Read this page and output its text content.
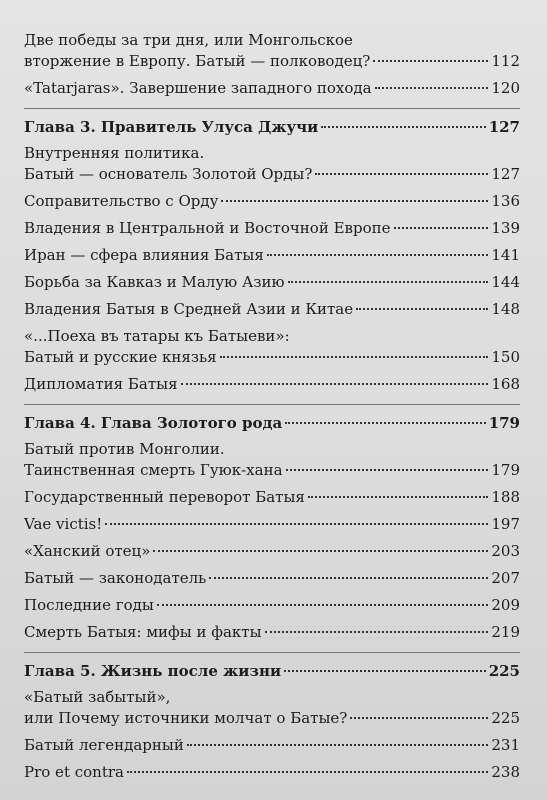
Две победы за три дня, или Монгольское
вторжение в Европу. Батый — полководец?	112
«Tatarjaras». Завершение западного похода	120
Глава 3. Правитель Улуса Джучи	127
Внутренняя политика.
Батый — основатель Золотой Орды?	127
Соправительство с Орду	136
Владения в Центральной и Восточной Европе	139
Иран — сфера влияния Батыя	141
Борьба за Кавказ и Малую Азию	144
Владения Батыя в Средней Азии и Китае	148
«...Поеха въ татары къ Батыеви»:
Батый и русские князья	150
Дипломатия Батыя	168
Глава 4. Глава Золотого рода	179
Батый против Монголии.
Таинственная смерть Гуюк-хана	179
Государственный переворот Батыя	188
Vae victis!	197
«Ханский отец»	203
Батый — законодатель	207
Последние годы	209
Смерть Батыя: мифы и факты	219
Глава 5. Жизнь после жизни	225
«Батый забытый»,
или Почему источники молчат о Батые?	225
Батый легендарный	231
Pro et contra	238
